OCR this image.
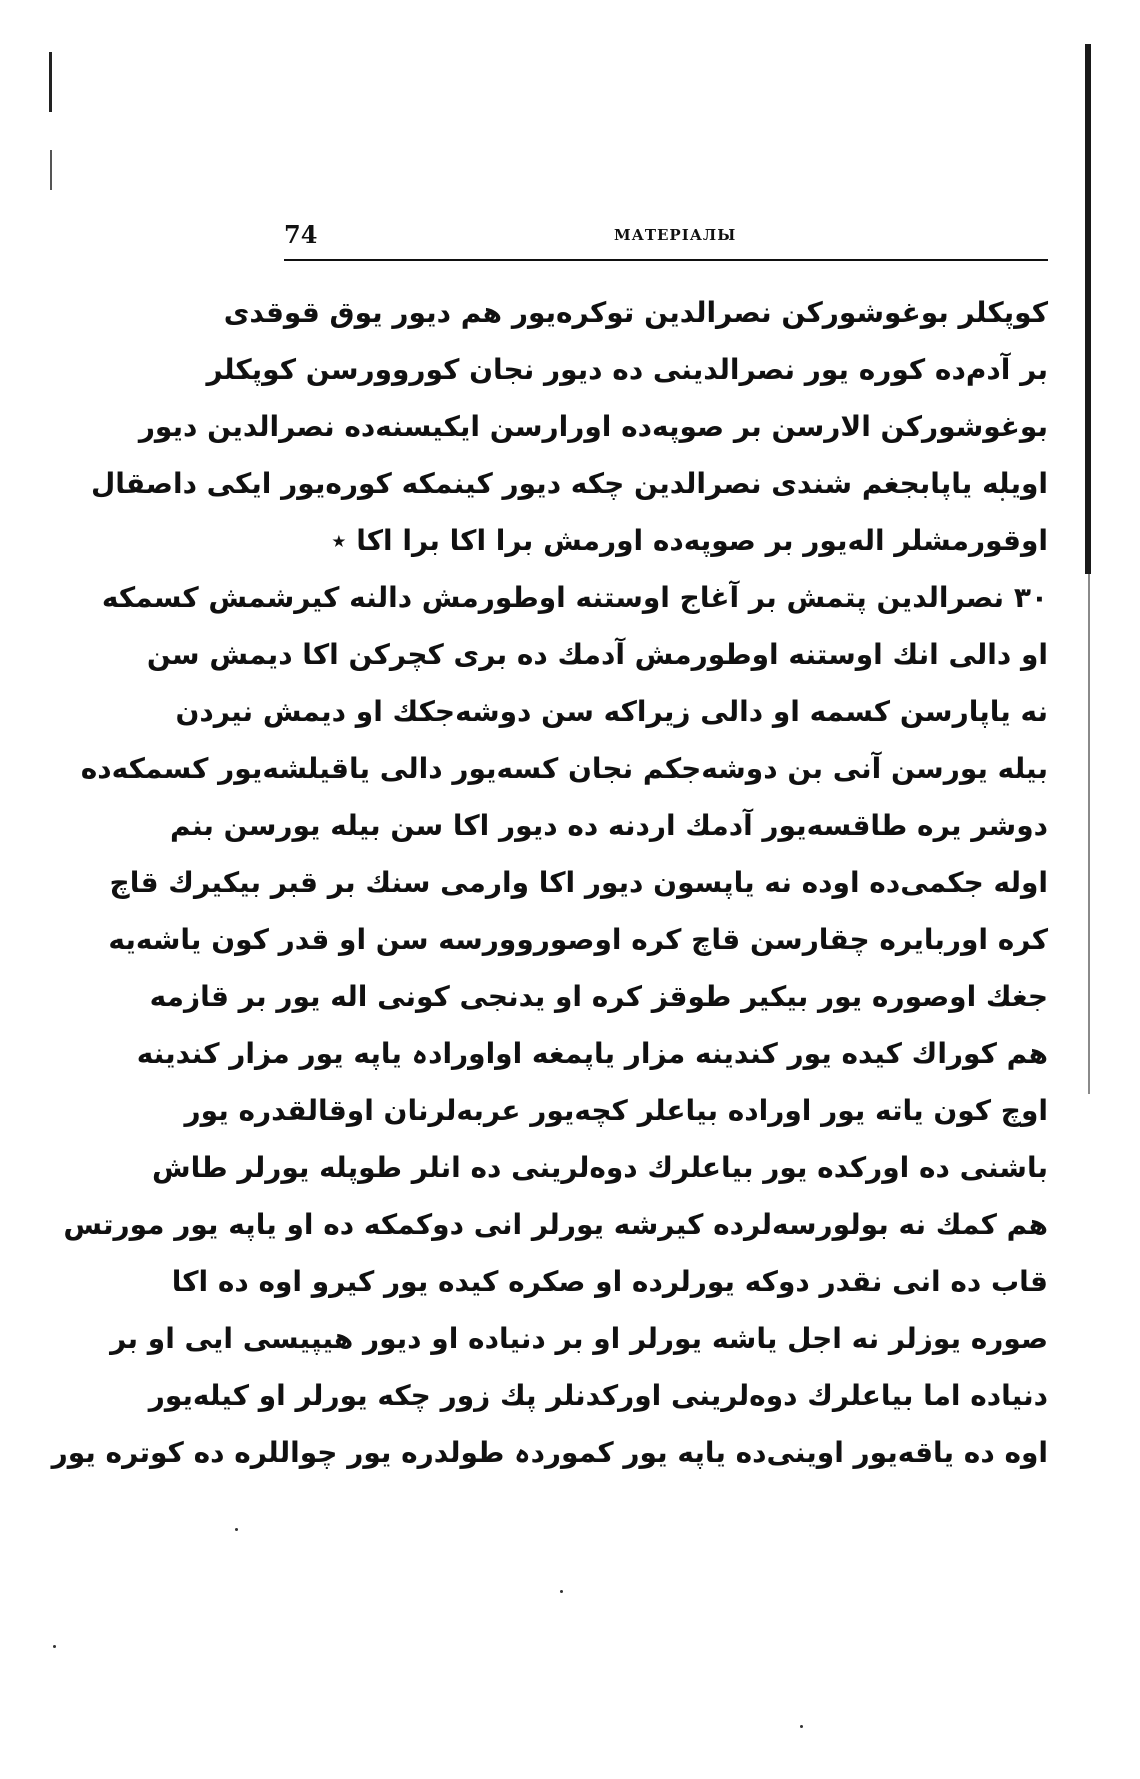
74	МАТЕРІАЛЫ
کوپکلر بوغوشورکن نصرالدین توکره‌یور هم دیور یوق قوقدی
بر آدم‌ده کوره یور نصرالدینی ده دیور نجان کوروورسن کوپکلر
بوغوشورکن الارسن بر صوپه‌ده اورارسن ایکیسنه‌ده نصرالدین دیور
اویله یاپابجغم شندی نصرالدین چکه دیور کینمکه کوره‌یور ایکی داصقال
اوقورمشلر اله‌یور بر صوپه‌ده اورمش برا اکا برا اکا ٭
۳۰ نصرالدین پتمش بر آغاج اوستنه اوطورمش دالنه کیرشمش کسمکه
او دالی انك اوستنه اوطورمش آدمك ده بری کچرکن اکا دیمش سن
نه یاپارسن کسمه او دالی زیراکه سن دوشه‌جکك او دیمش نیردن
بیله یورسن آنی بن دوشه‌جکم نجان کسه‌یور دالی یاقیلشه‌یور کسمکه‌ده
دوشر یره طاقسه‌یور آدمك اردنه ده دیور اکا سن بیله یورسن بنم
اوله جکمی‌ده اوده نه یاپسون دیور اکا وارمی سنك بر قبر بیکیرك قاچ
کره اوربایره چقارسن قاچ کره اوصوروورسه سن او قدر کون یاشه‌یه‌
جغك اوصوره یور بیکیر طوقز کره او یدنجی کونی اله یور بر قازمه
هم کوراك کیده یور کندینه مزار یاپمغه اواورادہ یاپه یور مزار کندینه
اوچ کون یاته یور اوراده بیاعلر کچه‌یور عربه‌لرنان اوقالقدره یور
باشنی ده اورکده یور بیاعلرك دوه‌لرینی ده انلر طوپله یورلر طاش
هم کمك نه بولورسه‌لرده کیرشه یورلر انی دوکمکه ده او یاپه یور مورتس
قاب ده انی نقدر دوکه یورلرده او صکره کیده یور کیرو اوه ده اکا
صوره یوزلر نه اجل یاشه یورلر او بر دنیاده او دیور هیپیسی ایی او بر
دنیاده اما بیاعلرك دوه‌لرینی اورکدنلر پك زور چکه یورلر او کیله‌یور
اوه ده یاقه‌یور اوینی‌ده یاپه یور کموردہ طولدره یور چواللره ده کوتره یور
